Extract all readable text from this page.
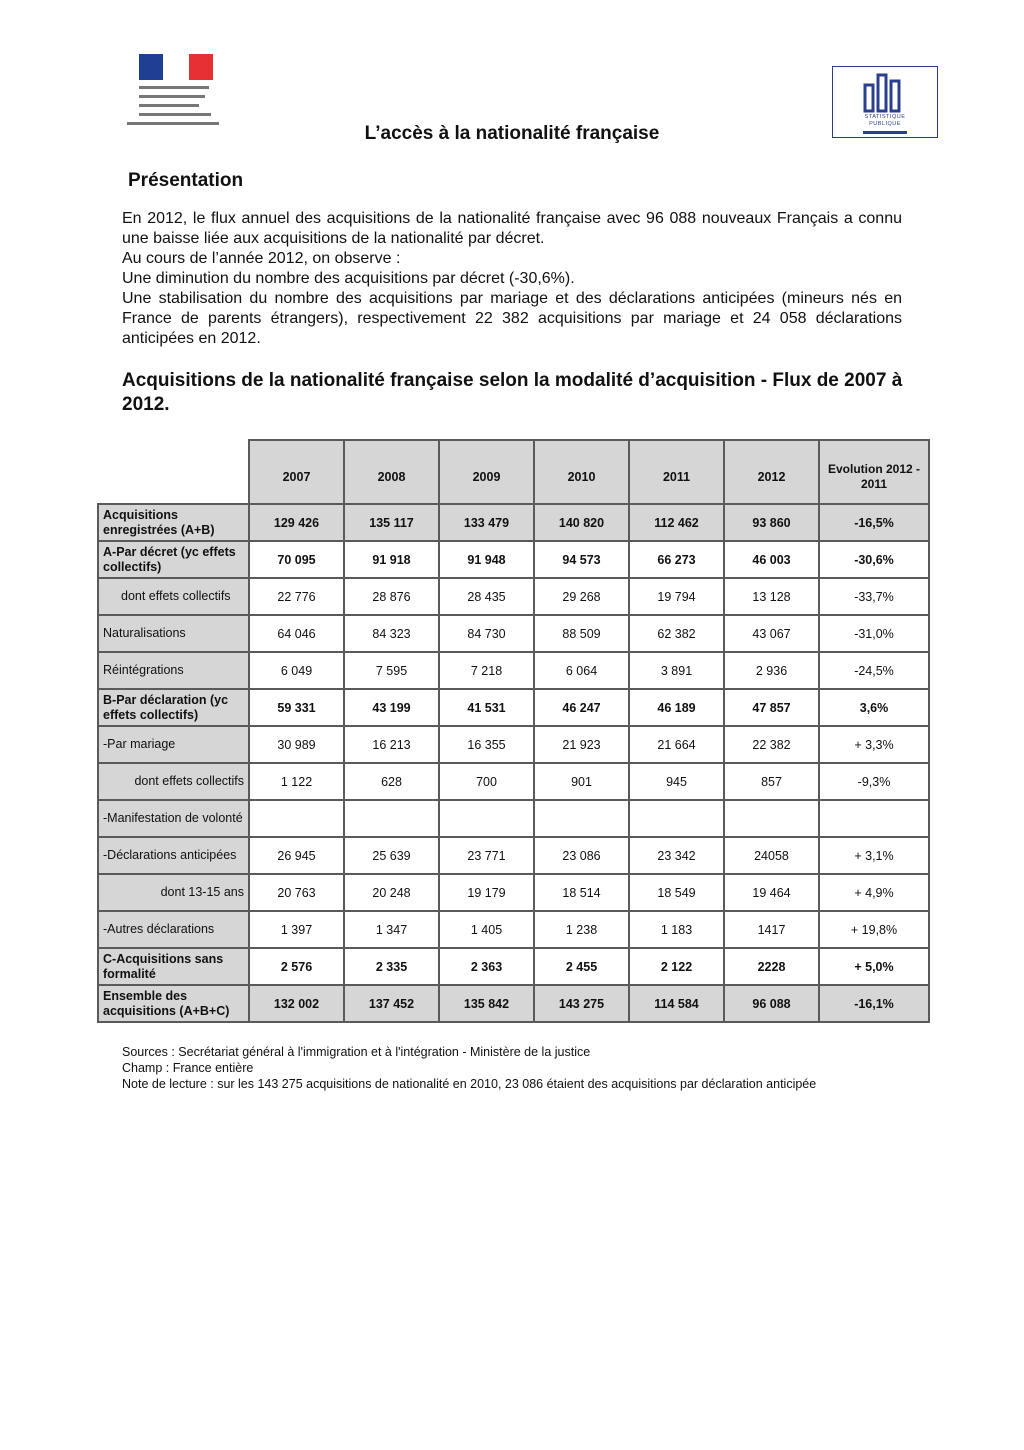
STATISTIQUE
PUBLIQUE
L’accès à la nationalité française
Présentation

En 2012, le flux annuel des acquisitions de la nationalité française avec 96 088 nouveaux Français a connu une baisse liée aux acquisitions de la nationalité par décret.

Au cours de l’année 2012, on observe :

Une diminution du nombre des acquisitions par décret (-30,6%).

Une stabilisation du nombre des acquisitions par mariage et des déclarations anticipées (mineurs nés en France de parents étrangers), respectivement 22 382 acquisitions par mariage et 24 058 déclarations anticipées en 2012.

Acquisitions de la nationalité française selon la modalité d’acquisition - Flux de 2007 à 2012.
	2007	2008	2009	2010	2011	2012	Evolution 2012 - 2011
Acquisitions enregistrées (A+B)	129 426	135 117	133 479	140 820	112 462	93 860	-16,5%
A-Par décret (yc effets collectifs)	70 095	91 918	91 948	94 573	66 273	46 003	-30,6%
dont effets collectifs	22 776	28 876	28 435	29 268	19 794	13 128	-33,7%
Naturalisations	64 046	84 323	84 730	88 509	62 382	43 067	-31,0%
Réintégrations	6 049	7 595	7 218	6 064	3 891	2 936	-24,5%
B-Par déclaration (yc effets collectifs)	59 331	43 199	41 531	46 247	46 189	47 857	3,6%
-Par mariage	30 989	16 213	16 355	21 923	21 664	22 382	+ 3,3%
dont effets collectifs	1 122	628	700	901	945	857	-9,3%
-Manifestation de volonté							
-Déclarations anticipées	26 945	25 639	23 771	23 086	23 342	24058	+ 3,1%
dont 13-15 ans	20 763	20 248	19 179	18 514	18 549	19 464	+ 4,9%
-Autres déclarations	1 397	1 347	1 405	1 238	1 183	1417	+ 19,8%
C-Acquisitions sans formalité	2 576	2 335	2 363	2 455	2 122	2228	+ 5,0%
Ensemble des acquisitions (A+B+C)	132 002	137 452	135 842	143 275	114 584	96 088	-16,1%
Sources : Secrétariat général à l'immigration et à l'intégration - Ministère de la justice
Champ : France entière
Note de lecture : sur les 143 275 acquisitions de nationalité en 2010, 23 086 étaient des acquisitions par déclaration anticipée
